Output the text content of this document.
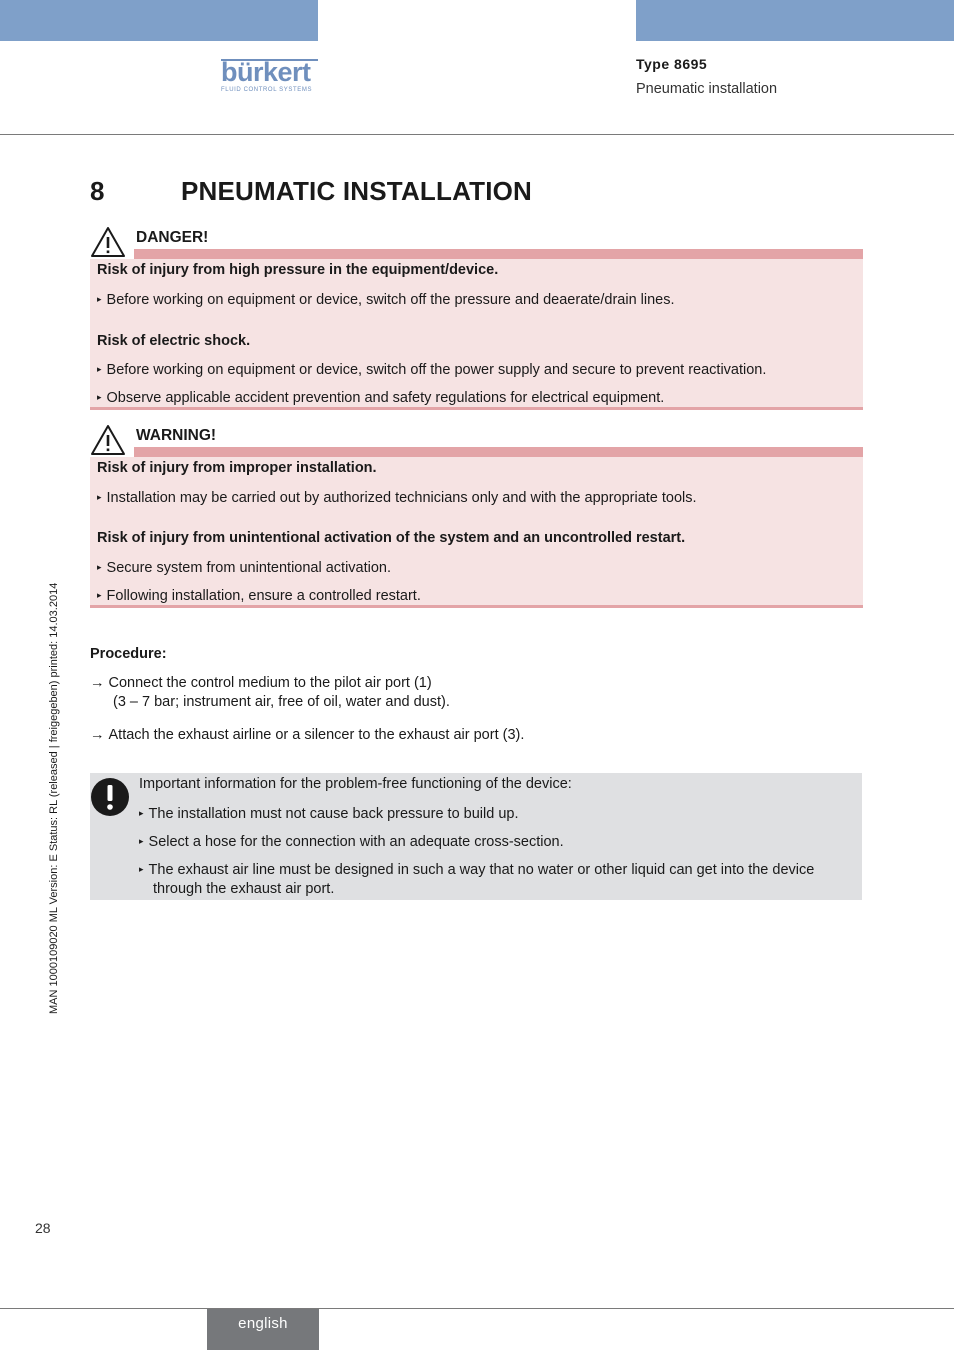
bürkert
FLUID CONTROL SYSTEMS
Type 8695
Pneumatic installation
8	PNEUMATIC INSTALLATION
DANGER!
Risk of injury from high pressure in the equipment/device.
▸ Before working on equipment or device, switch off the pressure and deaerate/drain lines.
Risk of electric shock.
▸ Before working on equipment or device, switch off the power supply and secure to prevent reactivation.
▸ Observe applicable accident prevention and safety regulations for electrical equipment.
WARNING!
Risk of injury from improper installation.
▸ Installation may be carried out by authorized technicians only and with the appropriate tools.
Risk of injury from unintentional activation of the system and an uncontrolled restart.
▸ Secure system from unintentional activation.
▸ Following installation, ensure a controlled restart.
Procedure:
→ Connect the control medium to the pilot air port (1)
(3 – 7 bar; instrument air, free of oil, water and dust).
→ Attach the exhaust airline or a silencer to the exhaust air port (3).
Important information for the problem-free functioning of the device:
▸ The installation must not cause back pressure to build up.
▸ Select a hose for the connection with an adequate cross-section.
▸ The exhaust air line must be designed in such a way that no water or other liquid can get into the device
through the exhaust air port.
MAN 1000109020 ML Version: E Status: RL (released | freigegeben) printed: 14.03.2014
28
english
